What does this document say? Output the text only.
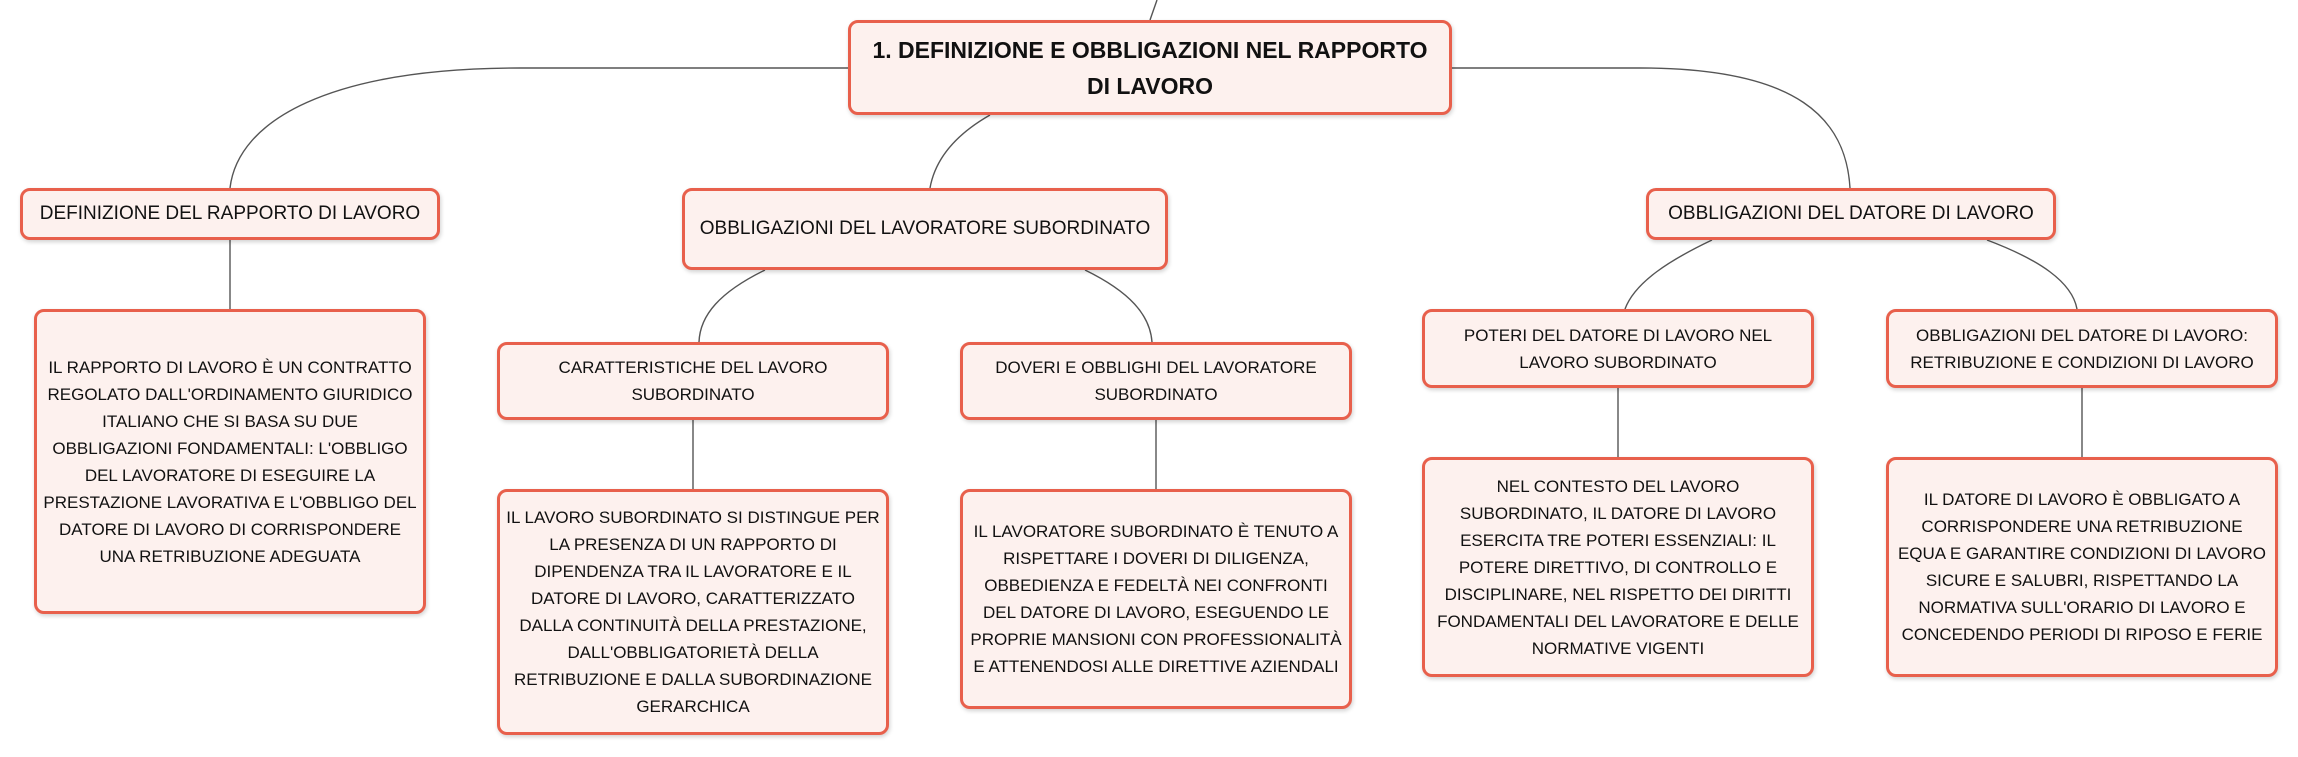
1. DEFINIZIONE E OBBLIGAZIONI NEL RAPPORTO DI LAVORO
DEFINIZIONE DEL RAPPORTO DI LAVORO
IL RAPPORTO DI LAVORO È UN CONTRATTO REGOLATO DALL'ORDINAMENTO GIURIDICO ITALIANO CHE SI BASA SU DUE OBBLIGAZIONI FONDAMENTALI: L'OBBLIGO DEL LAVORATORE DI ESEGUIRE LA PRESTAZIONE LAVORATIVA E L'OBBLIGO DEL DATORE DI LAVORO DI CORRISPONDERE UNA RETRIBUZIONE ADEGUATA
OBBLIGAZIONI DEL LAVORATORE SUBORDINATO
CARATTERISTICHE DEL LAVORO SUBORDINATO
IL LAVORO SUBORDINATO SI DISTINGUE PER LA PRESENZA DI UN RAPPORTO DI DIPENDENZA TRA IL LAVORATORE E IL DATORE DI LAVORO, CARATTERIZZATO DALLA CONTINUITÀ DELLA PRESTAZIONE, DALL'OBBLIGATORIETÀ DELLA RETRIBUZIONE E DALLA SUBORDINAZIONE GERARCHICA
DOVERI E OBBLIGHI DEL LAVORATORE SUBORDINATO
IL LAVORATORE SUBORDINATO È TENUTO A RISPETTARE I DOVERI DI DILIGENZA, OBBEDIENZA E FEDELTÀ NEI CONFRONTI DEL DATORE DI LAVORO, ESEGUENDO LE PROPRIE MANSIONI CON PROFESSIONALITÀ E ATTENENDOSI ALLE DIRETTIVE AZIENDALI
OBBLIGAZIONI DEL DATORE DI LAVORO
POTERI DEL DATORE DI LAVORO NEL LAVORO SUBORDINATO
NEL CONTESTO DEL LAVORO SUBORDINATO, IL DATORE DI LAVORO ESERCITA TRE POTERI ESSENZIALI: IL POTERE DIRETTIVO, DI CONTROLLO E DISCIPLINARE, NEL RISPETTO DEI DIRITTI FONDAMENTALI DEL LAVORATORE E DELLE NORMATIVE VIGENTI
OBBLIGAZIONI DEL DATORE DI LAVORO: RETRIBUZIONE E CONDIZIONI DI LAVORO
IL DATORE DI LAVORO È OBBLIGATO A CORRISPONDERE UNA RETRIBUZIONE EQUA E GARANTIRE CONDIZIONI DI LAVORO SICURE E SALUBRI, RISPETTANDO LA NORMATIVA SULL'ORARIO DI LAVORO E CONCEDENDO PERIODI DI RIPOSO E FERIE
